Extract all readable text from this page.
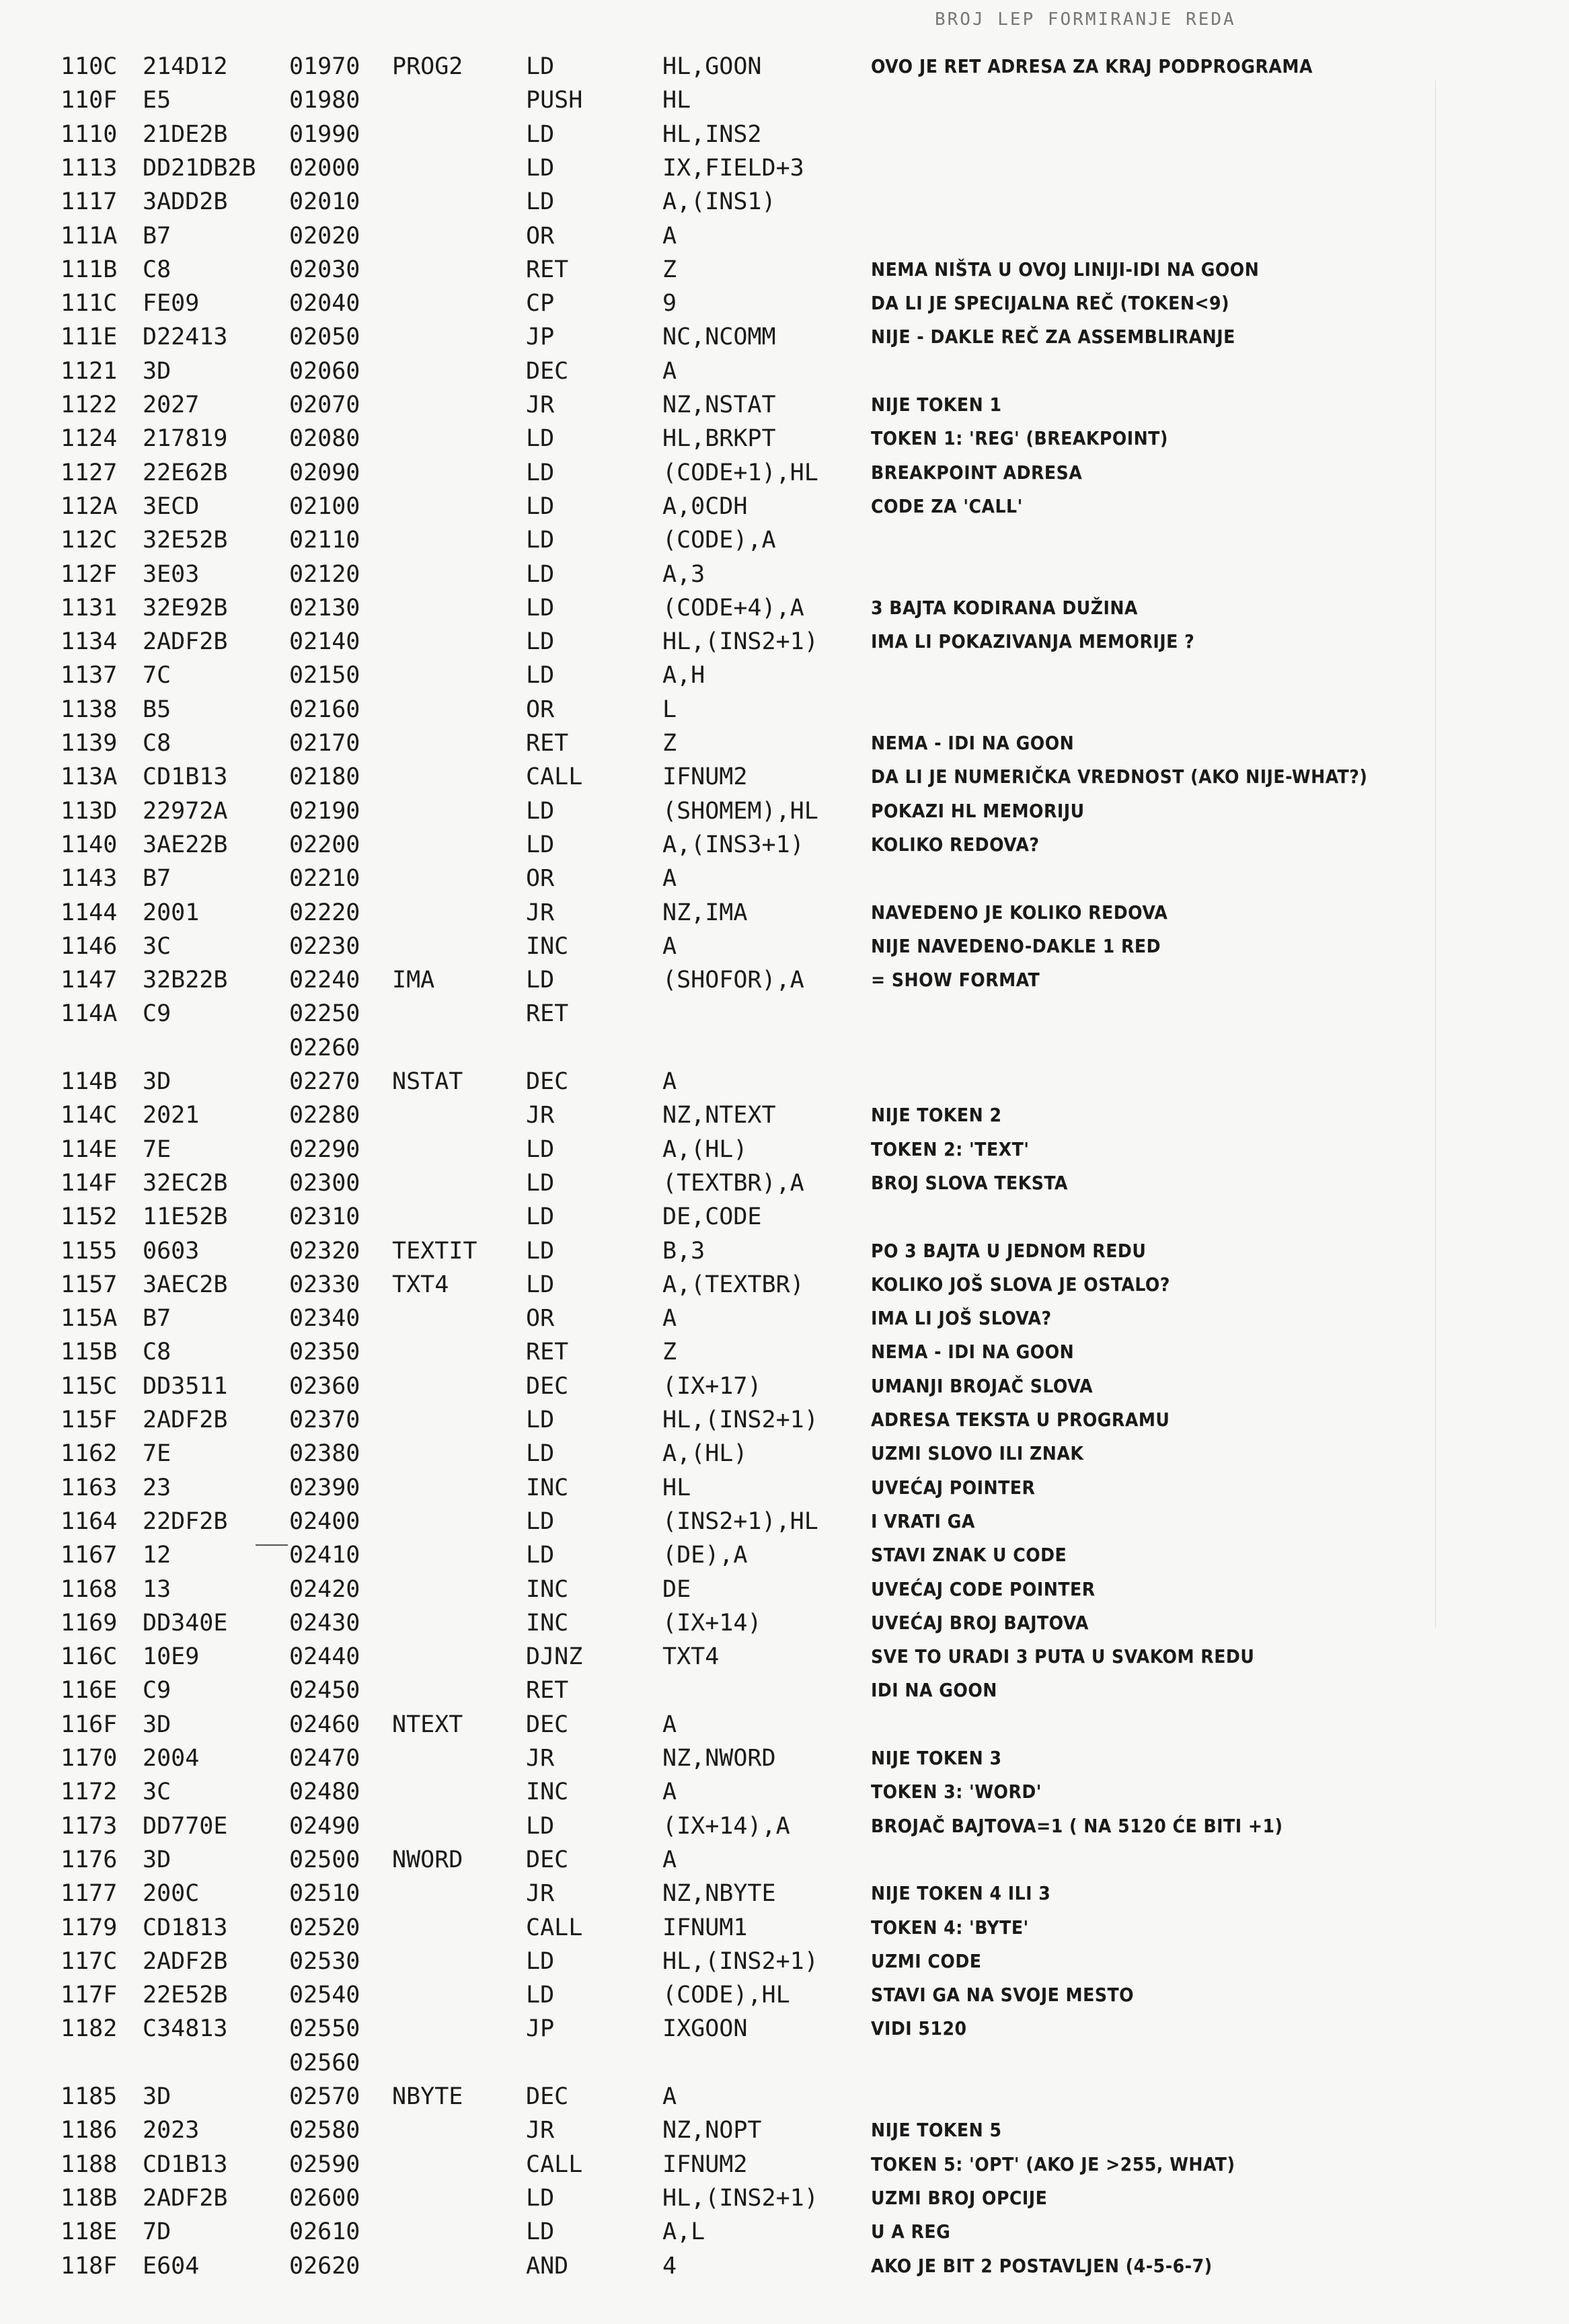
BROJ LEP FORMIRANJE REDA
110C 214D12	01970 PROG2	LD	HL,GOON	OVO JE RET ADRESA ZA KRAJ PODPROGRAMA
110F E5	01980	PUSH	HL
1110 21DE2B	01990	LD	HL,INS2
1113 DD21DB2B 02000	LD	IX,FIELD+3
1117 3ADD2B	02010	LD	A,(INS1)
111A B7	02020	OR	A
111B C8	02030	RET	Z	NEMA NIŠTA U OVOJ LINIJI-IDI NA GOON
111C FE09	02040	CP	9	DA LI JE SPECIJALNA REČ (TOKEN<9)
111E D22413	02050	JP	NC,NCOMM	NIJE - DAKLE REČ ZA ASSEMBLIRANJE
1121 3D	02060	DEC	A
1122 2027	02070	JR	NZ,NSTAT	NIJE TOKEN 1
1124 217819	02080	LD	HL,BRKPT	TOKEN 1: 'REG' (BREAKPOINT)
1127 22E62B	02090	LD	(CODE+1),HL	BREAKPOINT ADRESA
112A 3ECD	02100	LD	A,0CDH	CODE ZA 'CALL'
112C 32E52B	02110	LD	(CODE),A
112F 3E03	02120	LD	A,3
1131 32E92B	02130	LD	(CODE+4),A	3 BAJTA KODIRANA DUŽINA
1134 2ADF2B	02140	LD	HL,(INS2+1)	IMA LI POKAZIVANJA MEMORIJE ?
1137 7C	02150	LD	A,H
1138 B5	02160	OR	L
1139 C8	02170	RET	Z	NEMA - IDI NA GOON
113A CD1B13	02180	CALL	IFNUM2	DA LI JE NUMERIČKA VREDNOST (AKO NIJE-WHAT?)
113D 22972A	02190	LD	(SHOMEM),HL	POKAZI HL MEMORIJU
1140 3AE22B	02200	LD	A,(INS3+1)	KOLIKO REDOVA?
1143 B7	02210	OR	A
1144 2001	02220	JR	NZ,IMA	NAVEDENO JE KOLIKO REDOVA
1146 3C	02230	INC	A	NIJE NAVEDENO-DAKLE 1 RED
1147 32B22B	02240 IMA	LD	(SHOFOR),A	= SHOW FORMAT
114A C9	02250	RET
02260
114B 3D	02270 NSTAT	DEC	A
114C 2021	02280	JR	NZ,NTEXT	NIJE TOKEN 2
114E 7E	02290	LD	A,(HL)	TOKEN 2: 'TEXT'
114F 32EC2B	02300	LD	(TEXTBR),A	BROJ SLOVA TEKSTA
1152 11E52B	02310	LD	DE,CODE
1155 0603	02320 TEXTIT LD	B,3	PO 3 BAJTA U JEDNOM REDU
1157 3AEC2B	02330 TXT4	LD	A,(TEXTBR)	KOLIKO JOŠ SLOVA JE OSTALO?
115A B7	02340	OR	A	IMA LI JOŠ SLOVA?
115B C8	02350	RET	Z	NEMA - IDI NA GOON
115C DD3511	02360	DEC	(IX+17)	UMANJI BROJAČ SLOVA
115F 2ADF2B	02370	LD	HL,(INS2+1)	ADRESA TEKSTA U PROGRAMU
1162 7E	02380	LD	A,(HL)	UZMI SLOVO ILI ZNAK
1163 23	02390	INC	HL	UVEĆAJ POINTER
1164 22DF2B	02400	LD	(INS2+1),HL	I VRATI GA
1167 12	02410	LD	(DE),A	STAVI ZNAK U CODE
1168 13	02420	INC	DE	UVEĆAJ CODE POINTER
1169 DD340E	02430	INC	(IX+14)	UVEĆAJ BROJ BAJTOVA
116C 10E9	02440	DJNZ	TXT4	SVE TO URADI 3 PUTA U SVAKOM REDU
116E C9	02450	RET	IDI NA GOON
116F 3D	02460 NTEXT	DEC	A
1170 2004	02470	JR	NZ,NWORD	NIJE TOKEN 3
1172 3C	02480	INC	A	TOKEN 3: 'WORD'
1173 DD770E	02490	LD	(IX+14),A	BROJAČ BAJTOVA=1 ( NA 5120 ĆE BITI +1)
1176 3D	02500 NWORD	DEC	A
1177 200C	02510	JR	NZ,NBYTE	NIJE TOKEN 4 ILI 3
1179 CD1813	02520	CALL	IFNUM1	TOKEN 4: 'BYTE'
117C 2ADF2B	02530	LD	HL,(INS2+1)	UZMI CODE
117F 22E52B	02540	LD	(CODE),HL	STAVI GA NA SVOJE MESTO
1182 C34813	02550	JP	IXGOON	VIDI 5120
02560
1185 3D	02570 NBYTE	DEC	A
1186 2023	02580	JR	NZ,NOPT	NIJE TOKEN 5
1188 CD1B13	02590	CALL	IFNUM2	TOKEN 5: 'OPT' (AKO JE >255, WHAT)
118B 2ADF2B	02600	LD	HL,(INS2+1)	UZMI BROJ OPCIJE
118E 7D	02610	LD	A,L	U A REG
118F E604	02620	AND	4	AKO JE BIT 2 POSTAVLJEN (4-5-6-7)
